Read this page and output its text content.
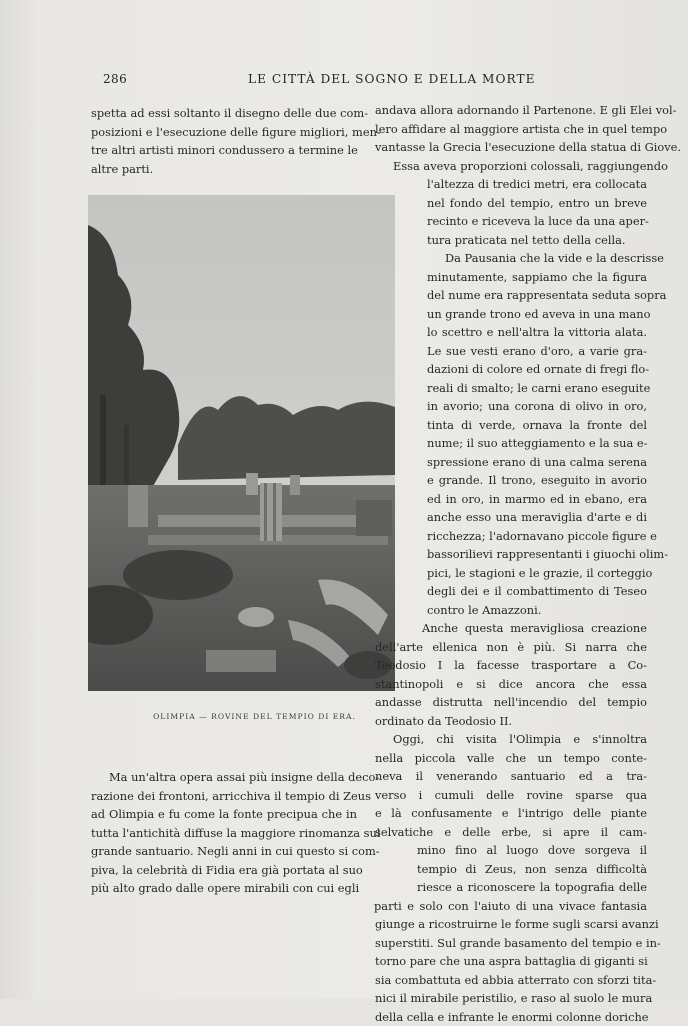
286	LE CITTÀ DEL SOGNO E DELLA MORTE
spetta ad essi soltanto il disegno delle due com-
posizioni e l'esecuzione delle figure migliori, men-
tre altri artisti minori condussero a termine le
altre parti.
OLIMPIA — ROVINE DEL TEMPIO DI ERA.
Ma un'altra opera assai più insigne della deco-
razione dei frontoni, arricchiva il tempio di Zeus
ad Olimpia e fu come la fonte precipua che in
tutta l'antichità diffuse la maggiore rinomanza sul
grande santuario. Negli anni in cui questo si com-
piva, la celebrità di Fidia era già portata al suo
più alto grado dalle opere mirabili con cui egli
andava allora adornando il Partenone. E gli Elei vol-
lero affidare al maggiore artista che in quel tempo
vantasse la Grecia l'esecuzione della statua di Giove.
Essa aveva proporzioni colossali, raggiungendo
l'altezza di tredici metri, era collocata
nel fondo del tempio, entro un breve
recinto e riceveva la luce da una aper-
tura praticata nel tetto della cella.
Da Pausania che la vide e la descrisse
minutamente, sappiamo che la figura
del nume era rappresentata seduta sopra
un grande trono ed aveva in una mano
lo scettro e nell'altra la vittoria alata.
Le sue vesti erano d'oro, a varie gra-
dazioni di colore ed ornate di fregi flo-
reali di smalto; le carni erano eseguite
in avorio; una corona di olivo in oro,
tinta di verde, ornava la fronte del
nume; il suo atteggiamento e la sua e-
spressione erano di una calma serena
e grande. Il trono, eseguito in avorio
ed in oro, in marmo ed in ebano, era
anche esso una meraviglia d'arte e di
ricchezza; l'adornavano piccole figure e
bassorilievi rappresentanti i giuochi olim-
pici, le stagioni e le grazie, il corteggio
degli dei e il combattimento di Teseo
contro le Amazzoni.
Anche questa meravigliosa creazione
dell'arte ellenica non è più. Si narra che
Teodosio I la facesse trasportare a Co-
stantinopoli e si dice ancora che essa
andasse distrutta nell'incendio del tempio
ordinato da Teodosio II.
Oggi, chi visita l'Olimpia e s'innoltra
nella piccola valle che un tempo conte-
neva il venerando santuario ed a tra-
verso i cumuli delle rovine sparse qua
e là confusamente e l'intrigo delle piante
selvatiche e delle erbe, si apre il cam-
mino fino al luogo dove sorgeva il
tempio di Zeus, non senza difficoltà
riesce a riconoscere la topografia delle
parti e solo con l'aiuto di una vivace fantasia
giunge a ricostruirne le forme sugli scarsi avanzi
superstiti. Sul grande basamento del tempio e in-
torno pare che una aspra battaglia di giganti si
sia combattuta ed abbia atterrato con sforzi tita-
nici il mirabile peristilio, e raso al suolo le mura
della cella e infrante le enormi colonne doriche
